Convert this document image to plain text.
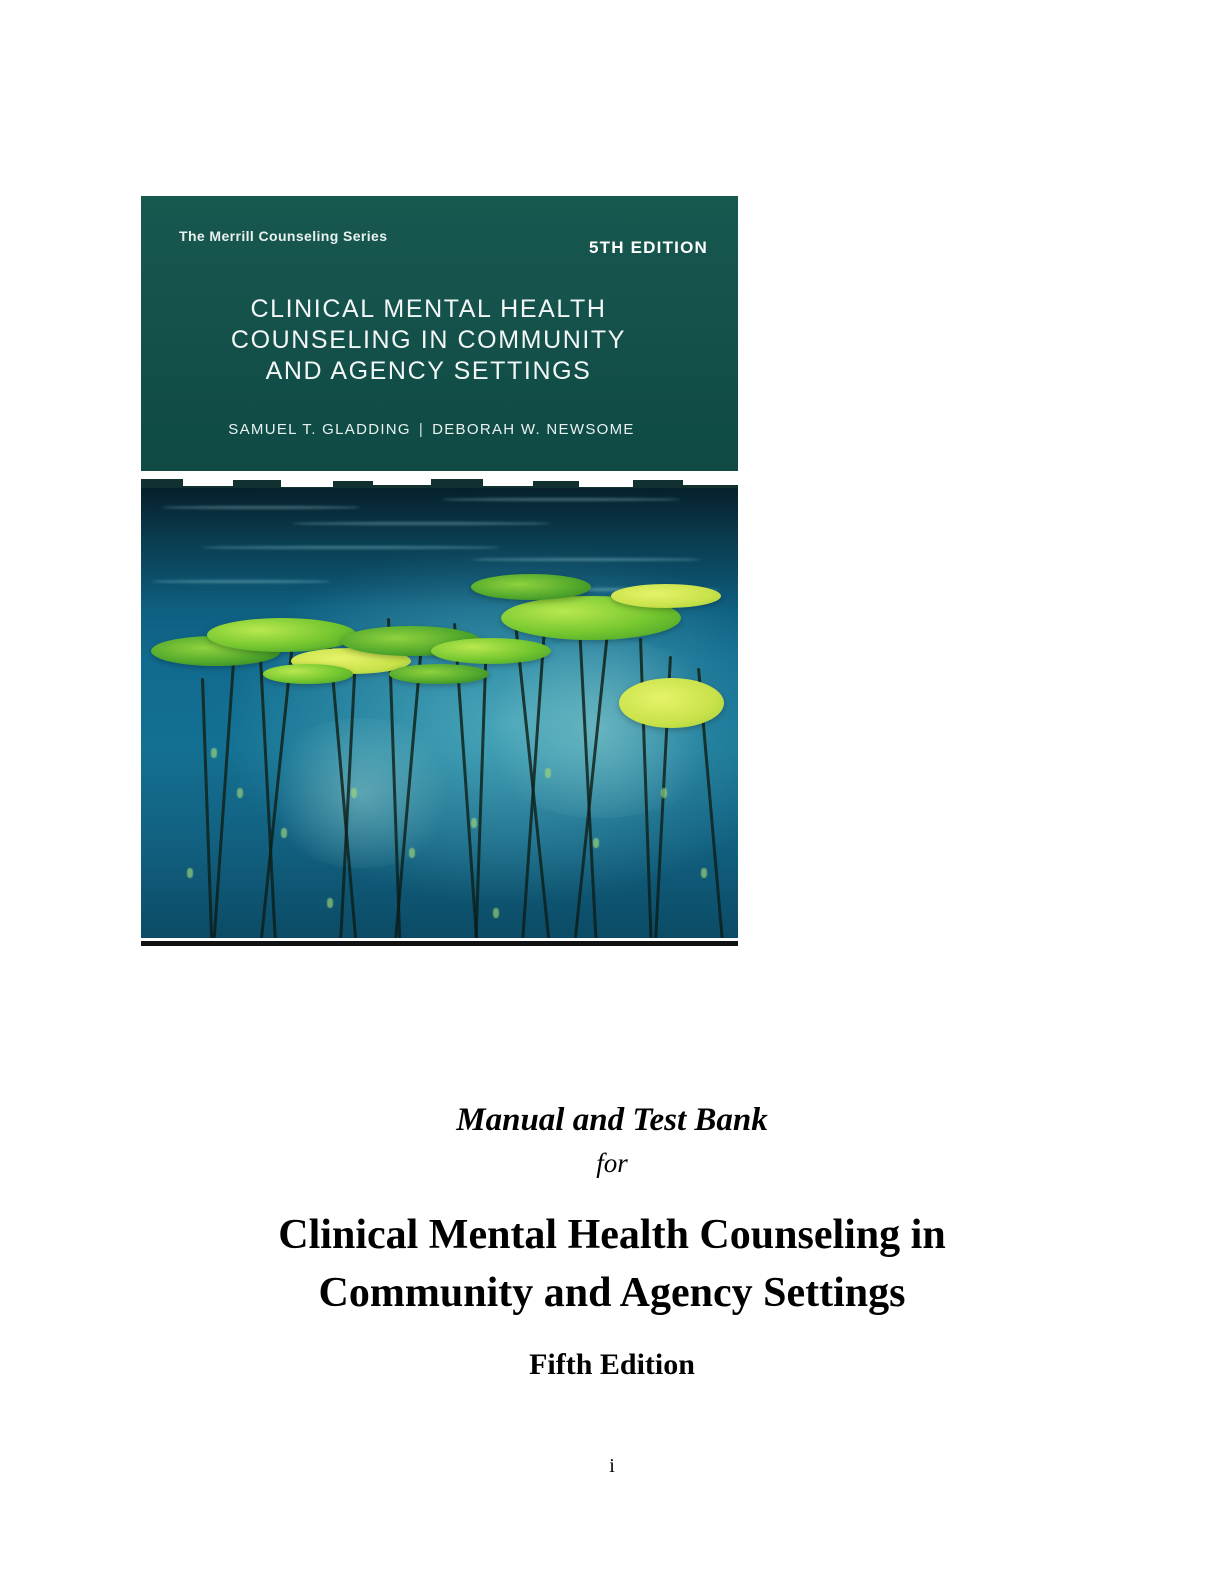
The Merrill Counseling Series
5TH EDITION
CLINICAL MENTAL HEALTH
COUNSELING IN COMMUNITY
AND AGENCY SETTINGS
SAMUEL T. GLADDING | DEBORAH W. NEWSOME
Manual and Test Bank
for
Clinical Mental Health Counseling in
Community and Agency Settings
Fifth Edition
i
